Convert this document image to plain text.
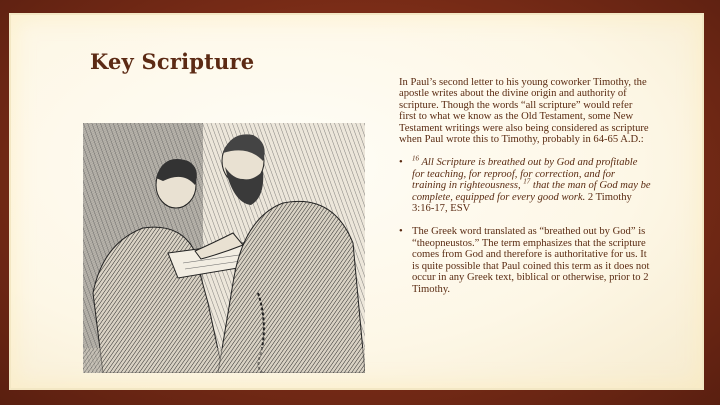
Key Scripture

In Paul’s second letter to his young coworker Timothy, the apostle writes about the divine origin and authority of scripture. Though the words “all scripture” would refer first to what we know as the Old Testament, some New Testament writings were also being considered as scripture when Paul wrote this to Timothy, probably in 64-65 A.D.:

• $^{16}$ All Scripture is breathed out by God and profitable for teaching, for reproof, for correction, and for training in righteousness, $^{17}$ that the man of God may be complete, equipped for every good work. 2 Timothy 3:16-17, ESV
• The Greek word translated as “breathed out by God” is “theopneustos.” The term emphasizes that the scripture comes from God and therefore is authoritative for us. It is quite possible that Paul coined this term as it does not occur in any Greek text, biblical or otherwise, prior to 2 Timothy.
